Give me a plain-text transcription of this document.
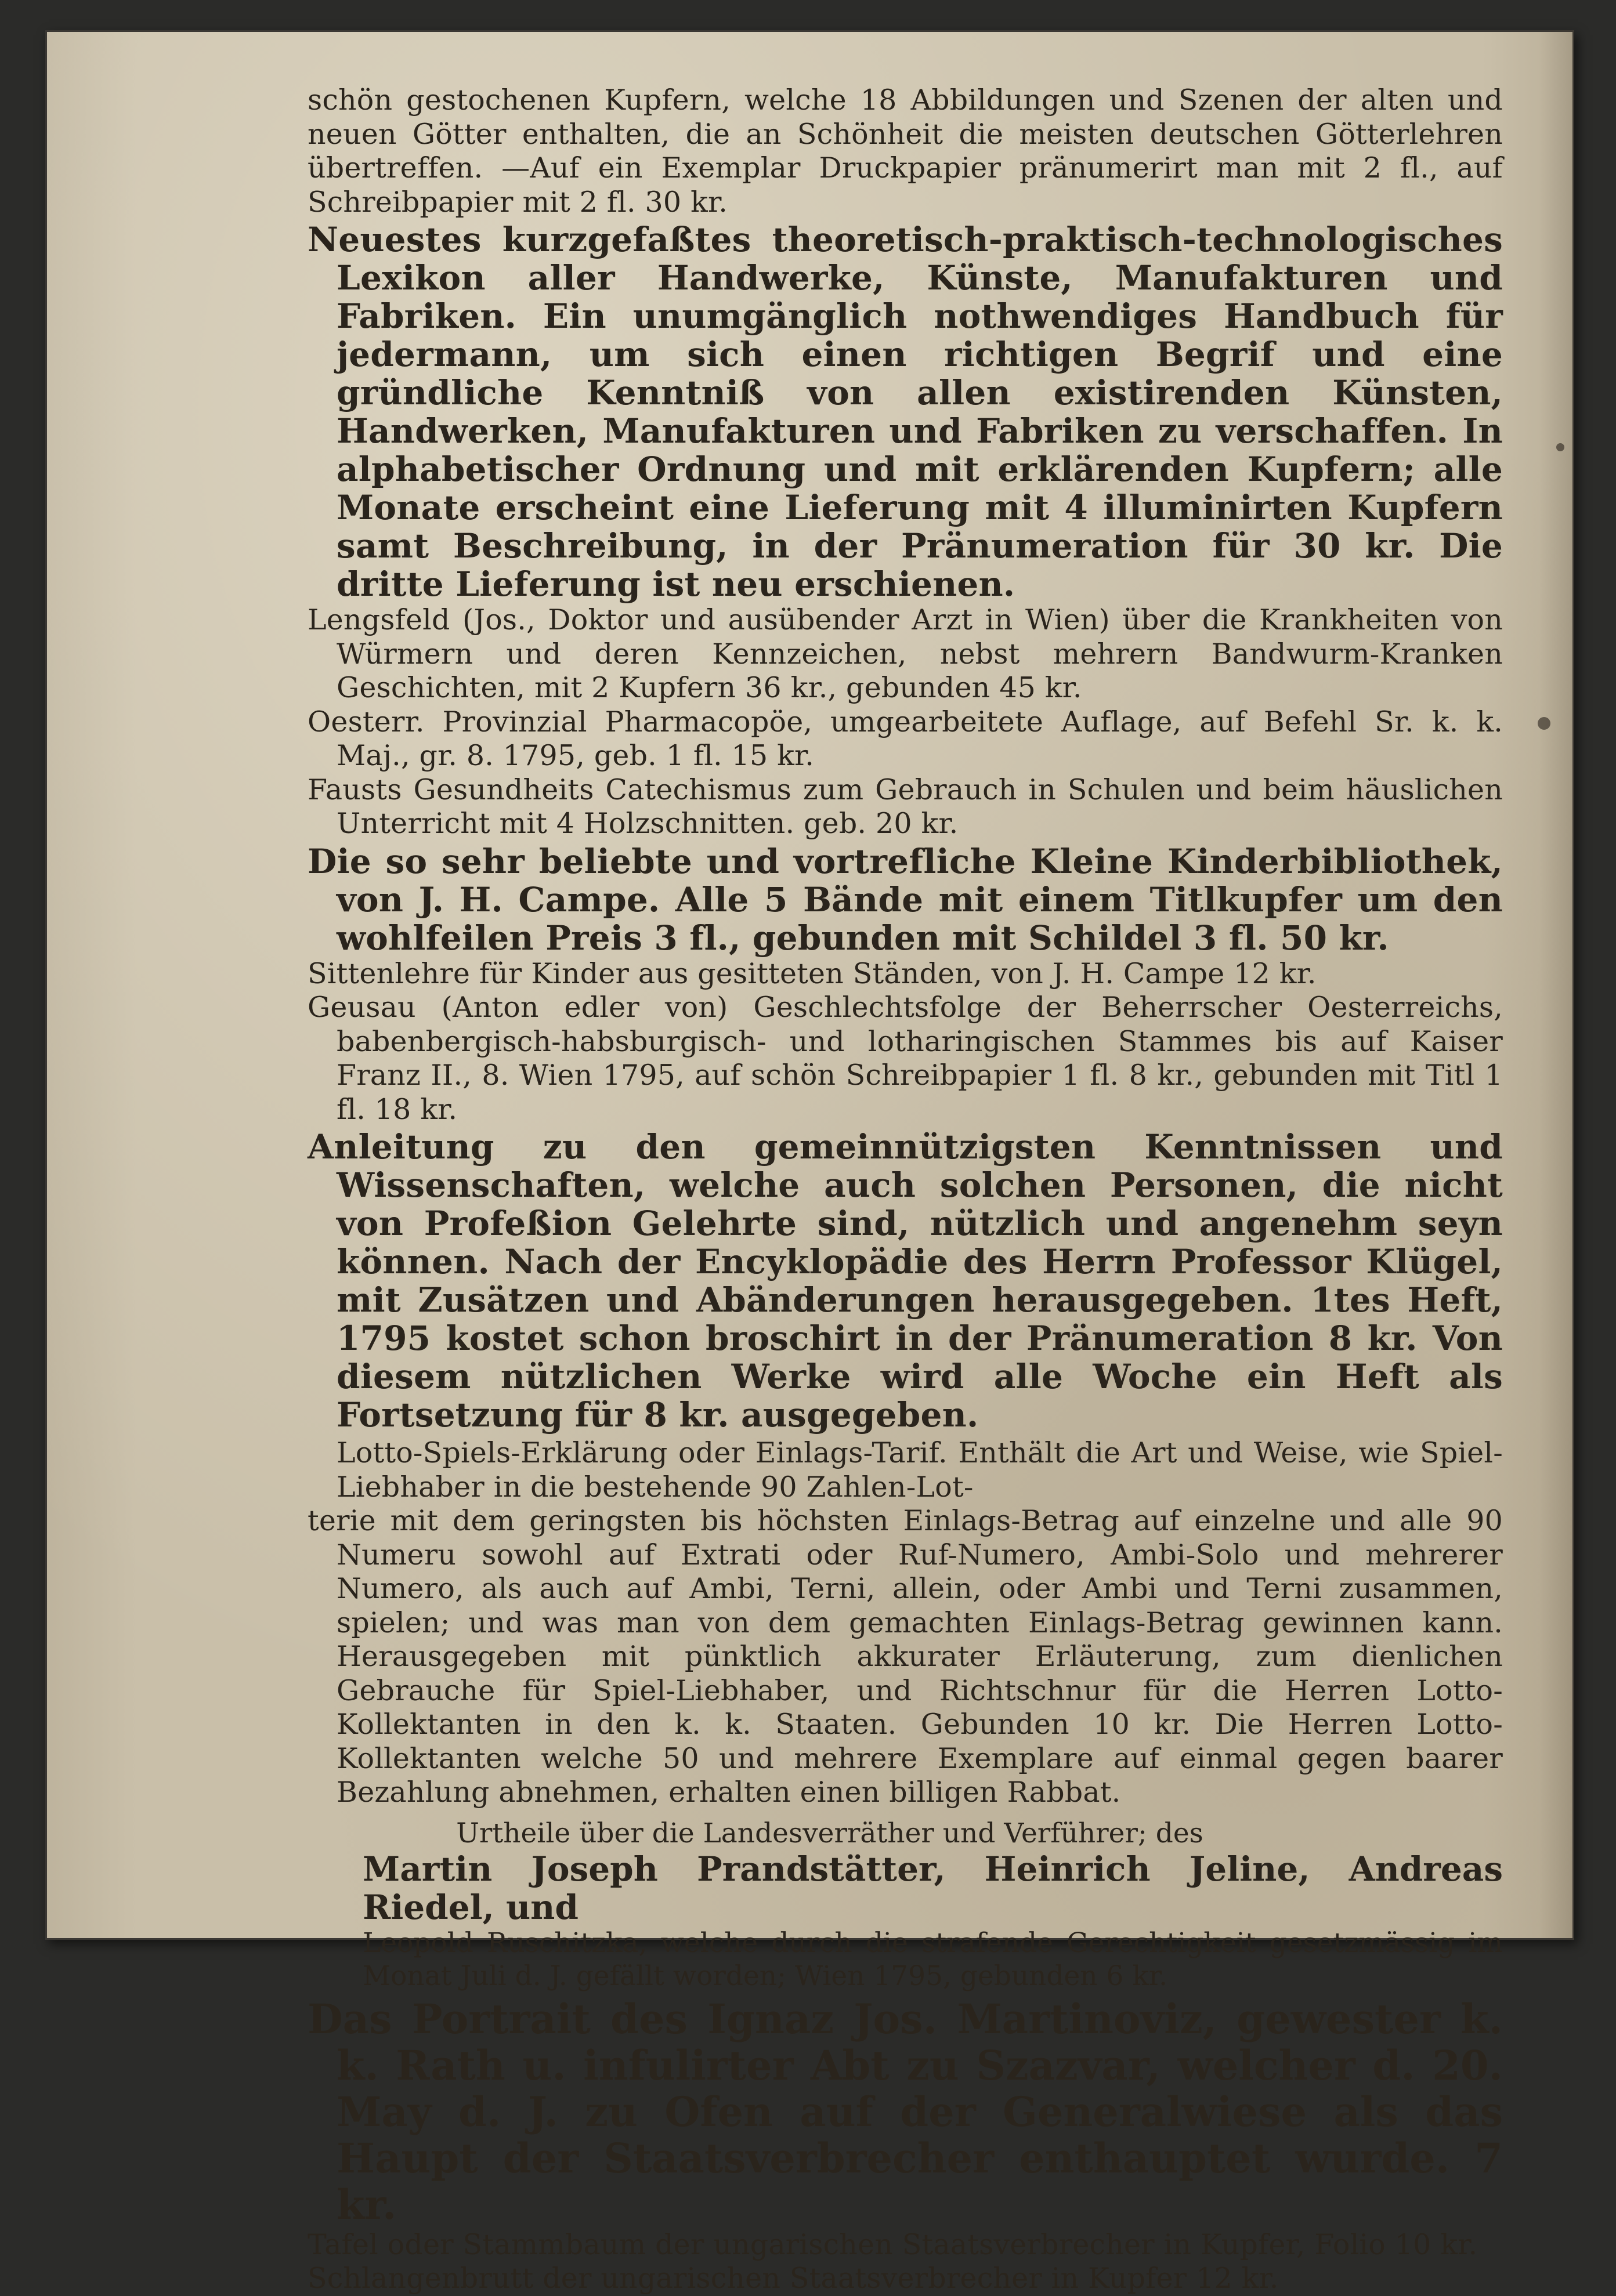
schön gestochenen Kupfern, welche 18 Abbildungen und Szenen der alten und neuen Götter enthalten, die an Schönheit die meisten deutschen Götterlehren übertreffen. —Auf ein Exemplar Druckpapier pränumerirt man mit 2 fl., auf Schreibpapier mit 2 fl. 30 kr.

Neuestes kurzgefaßtes theoretisch-praktisch-technologisches Lexikon aller Handwerke, Künste, Manufakturen und Fabriken. Ein unumgänglich nothwendiges Handbuch für jedermann, um sich einen richtigen Begrif und eine gründliche Kenntniß von allen existirenden Künsten, Handwerken, Manufakturen und Fabriken zu verschaffen. In alphabetischer Ordnung und mit erklärenden Kupfern; alle Monate erscheint eine Lieferung mit 4 illuminirten Kupfern samt Beschreibung, in der Pränumeration für 30 kr. Die dritte Lieferung ist neu erschienen.

Lengsfeld (Jos., Doktor und ausübender Arzt in Wien) über die Krankheiten von Würmern und deren Kennzeichen, nebst mehrern Bandwurm-Kranken Geschichten, mit 2 Kupfern 36 kr., gebunden 45 kr.

Oesterr. Provinzial Pharmacopöe, umgearbeitete Auflage, auf Befehl Sr. k. k. Maj., gr. 8. 1795, geb. 1 fl. 15 kr.

Fausts Gesundheits Catechismus zum Gebrauch in Schulen und beim häuslichen Unterricht mit 4 Holzschnitten. geb. 20 kr.

Die so sehr beliebte und vortrefliche Kleine Kinderbibliothek, von J. H. Campe. Alle 5 Bände mit einem Titlkupfer um den wohlfeilen Preis 3 fl., gebunden mit Schildel 3 fl. 50 kr.

Sittenlehre für Kinder aus gesitteten Ständen, von J. H. Campe 12 kr.

Geusau (Anton edler von) Geschlechtsfolge der Beherrscher Oesterreichs, babenbergisch-habsburgisch- und lotharingischen Stammes bis auf Kaiser Franz II., 8. Wien 1795, auf schön Schreibpapier 1 fl. 8 kr., gebunden mit Titl 1 fl. 18 kr.

Anleitung zu den gemeinnützigsten Kenntnissen und Wissenschaften, welche auch solchen Personen, die nicht von Profeßion Gelehrte sind, nützlich und angenehm seyn können. Nach der Encyklopädie des Herrn Professor Klügel, mit Zusätzen und Abänderungen herausgegeben. 1tes Heft, 1795 kostet schon broschirt in der Pränumeration 8 kr. Von diesem nützlichen Werke wird alle Woche ein Heft als Fortsetzung für 8 kr. ausgegeben.

Lotto-Spiels-Erklärung oder Einlags-Tarif. Enthält die Art und Weise, wie Spiel-Liebhaber in die bestehende 90 Zahlen-Lot-

terie mit dem geringsten bis höchsten Einlags-Betrag auf einzelne und alle 90 Numeru sowohl auf Extrati oder Ruf-Numero, Ambi-Solo und mehrerer Numero, als auch auf Ambi, Terni, allein, oder Ambi und Terni zusammen, spielen; und was man von dem gemachten Einlags-Betrag gewinnen kann. Herausgegeben mit pünktlich akkurater Erläuterung, zum dienlichen Gebrauche für Spiel-Liebhaber, und Richtschnur für die Herren Lotto-Kollektanten in den k. k. Staaten. Gebunden 10 kr. Die Herren Lotto-Kollektanten welche 50 und mehrere Exemplare auf einmal gegen baarer Bezahlung abnehmen, erhalten einen billigen Rabbat.

Urtheile über die Landesverräther und Verführer; des
Martin Joseph Prandstätter, Heinrich Jeline, Andreas Riedel, und
Leopold Ruschitzka, welche durch die strafende Gerechtigkeit gesetzmässig im Monat Juli d. J. gefällt worden; Wien 1795, gebunden 6 kr.

Das Portrait des Ignaz Jos. Martinoviz, gewester k. k. Rath u. infulirter Abt zu Szazvar, welcher d. 20. May d. J. zu Ofen auf der Generalwiese als das Haupt der Staatsverbrecher enthauptet wurde. 7 kr.

Tafel oder Stammbaum der ungarischen Staatsverbrecher in Kupfer, Folio 10 kr.

Schlangenbrutt der ungarischen Staatsverbrecher in Kupfer 12 kr.
